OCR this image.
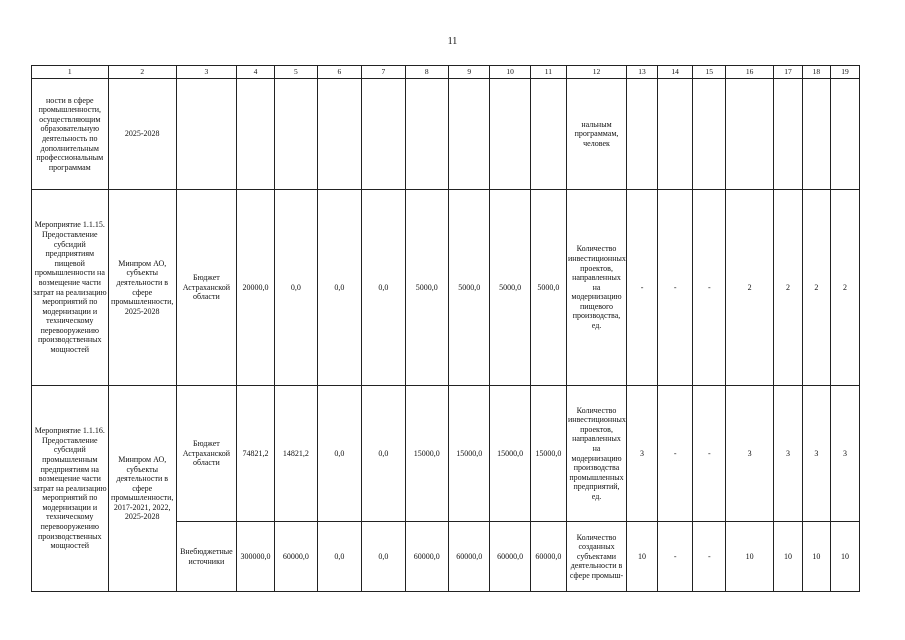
11
1	2	3	4	5	6	7	8	9	10	11	12	13	14	15	16	17	18	19
ности в сфере промышленности, осуществляющим образовательную деятельность по дополнительным профессиональным программам	2025-2028										нальным программам, человек							
Мероприятие 1.1.15. Предоставление субсидий предприятиям пищевой промышленности на возмещение части затрат на реализацию мероприятий по модернизации и техническому перевооружению производственных мощностей	Минпром АО, субъекты деятельности в сфере промышленности, 2025-2028	Бюджет Астраханской области	20000,0	0,0	0,0	0,0	5000,0	5000,0	5000,0	5000,0	Количество инвестиционных проектов, направленных на модернизацию пищевого производства, ед.	-	-	-	2	2	2	2
Мероприятие 1.1.16. Предоставление субсидий промышленным предприятиям на возмещение части затрат на реализацию мероприятий по модернизации и техническому перевооружению производственных мощностей	Минпром АО, субъекты деятельности в сфере промышленности, 2017-2021, 2022, 2025-2028	Бюджет Астраханской области	74821,2	14821,2	0,0	0,0	15000,0	15000,0	15000,0	15000,0	Количество инвестиционных проектов, направленных на модернизацию производства промышленных предприятий, ед.	3	-	-	3	3	3	3
		Внебюджетные источники	300000,0	60000,0	0,0	0,0	60000,0	60000,0	60000,0	60000,0	Количество созданных субъектами деятельности в сфере промыш-	10	-	-	10	10	10	10
